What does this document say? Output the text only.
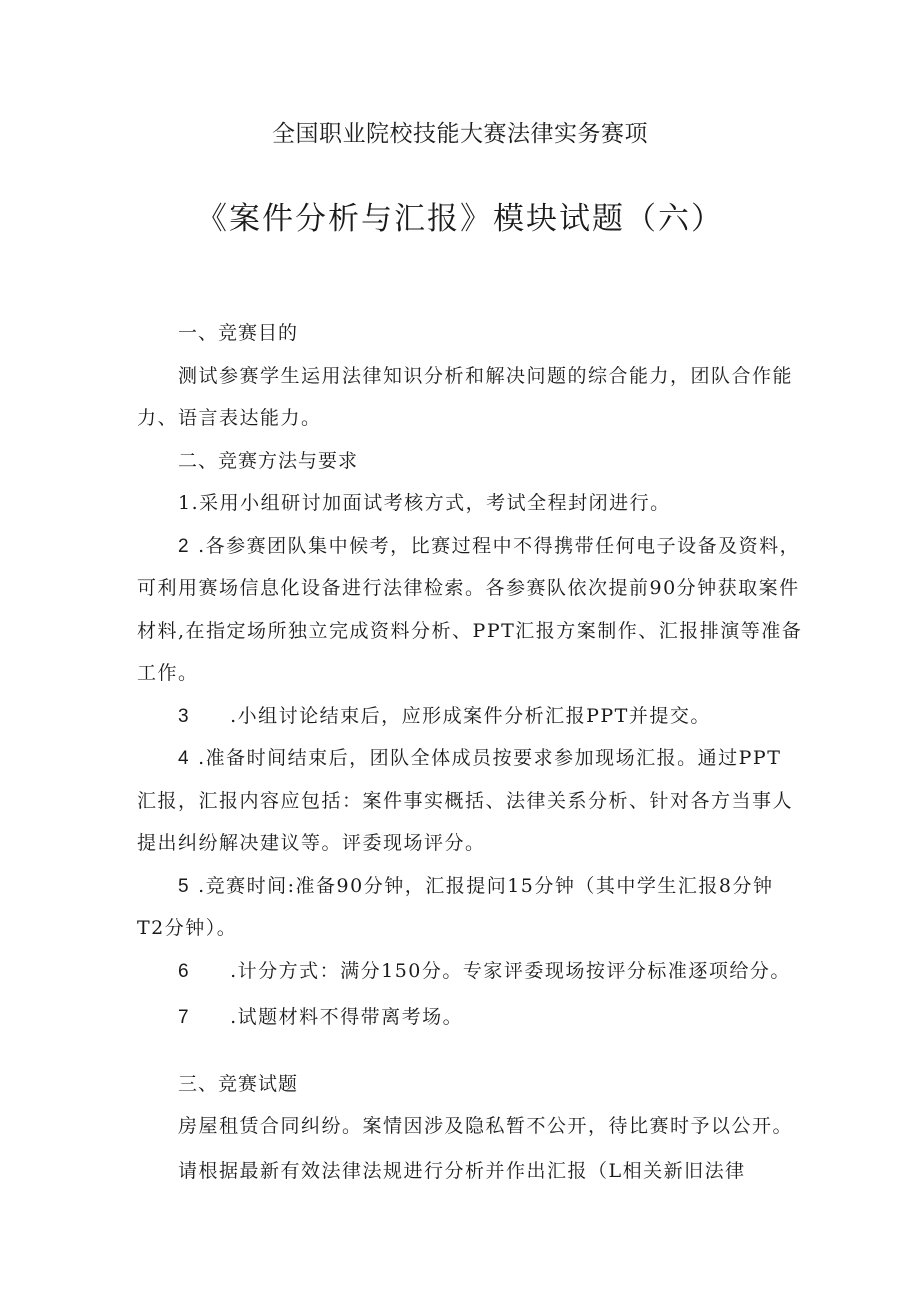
全国职业院校技能大赛法律实务赛项
《案件分析与汇报》模块试题（六）
一、竞赛目的
测试参赛学生运用法律知识分析和解决问题的综合能力，团队合作能
力、语言表达能力。
二、竞赛方法与要求
1.采用小组研讨加面试考核方式，考试全程封闭进行。
2 .各参赛团队集中候考，比赛过程中不得携带任何电子设备及资料，
可利用赛场信息化设备进行法律检索。各参赛队依次提前90分钟获取案件
材料,在指定场所独立完成资料分析、PPT汇报方案制作、汇报排演等准备
工作。
3 .小组讨论结束后，应形成案件分析汇报PPT并提交。
4 .准备时间结束后，团队全体成员按要求参加现场汇报。通过PPT
汇报，汇报内容应包括：案件事实概括、法律关系分析、针对各方当事人
提出纠纷解决建议等。评委现场评分。
5 .竞赛时间:准备90分钟，汇报提问15分钟（其中学生汇报8分钟
T2分钟）。
6 .计分方式：满分150分。专家评委现场按评分标准逐项给分。
7 .试题材料不得带离考场。
三、竞赛试题
房屋租赁合同纠纷。案情因涉及隐私暂不公开，待比赛时予以公开。
请根据最新有效法律法规进行分析并作出汇报（L相关新旧法律
